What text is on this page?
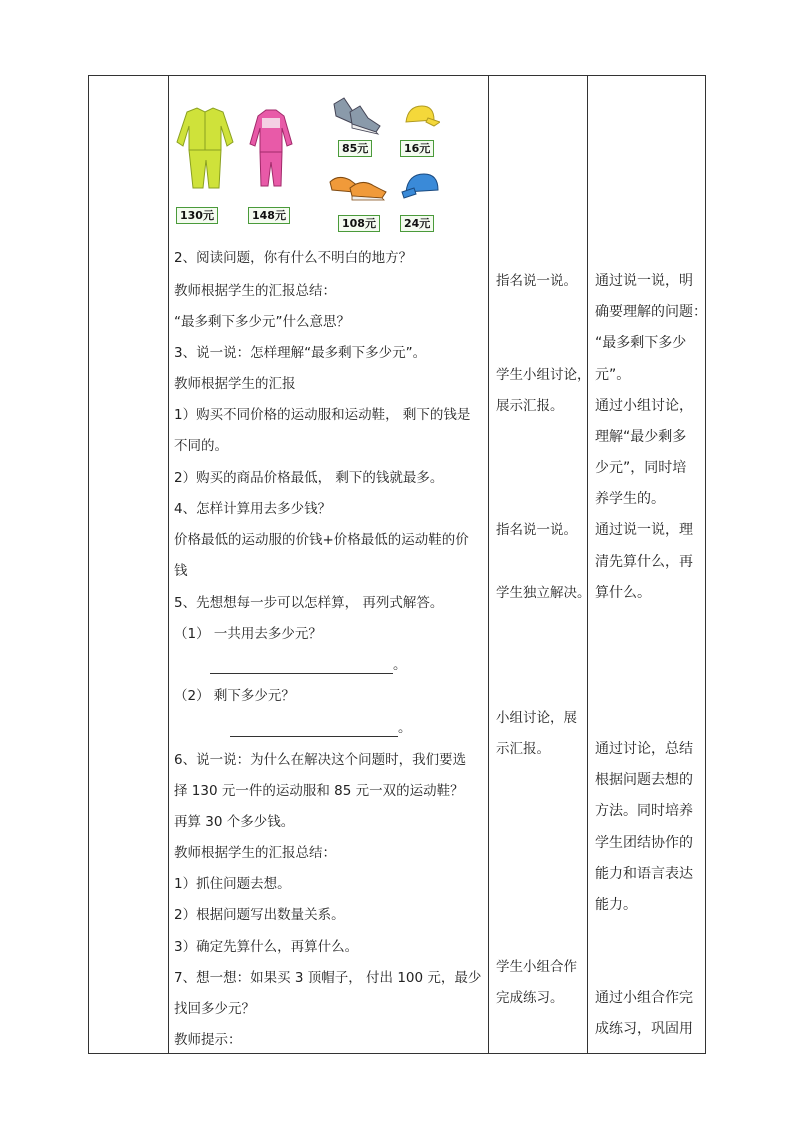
130元	148元
85元	16元
108元	24元
2、阅读问题，你有什么不明白的地方？
教师根据学生的汇报总结：
“最多剩下多少元”什么意思？
3、说一说：怎样理解“最多剩下多少元”。
教师根据学生的汇报
1）购买不同价格的运动服和运动鞋， 剩下的钱是
不同的。
2）购买的商品价格最低， 剩下的钱就最多。
4、怎样计算用去多少钱？
价格最低的运动服的价钱+价格最低的运动鞋的价
钱
5、先想想每一步可以怎样算， 再列式解答。
（1） 一共用去多少元？
。
（2） 剩下多少元？
。
6、说一说：为什么在解决这个问题时，我们要选
择 130 元一件的运动服和 85 元一双的运动鞋？
再算 30 个多少钱。
教师根据学生的汇报总结：
1）抓住问题去想。
2）根据问题写出数量关系。
3）确定先算什么，再算什么。
7、想一想：如果买 3 顶帽子， 付出 100 元，最少
找回多少元？
教师提示：
指名说一说。
学生小组讨论，
展示汇报。
指名说一说。
学生独立解决。
小组讨论，展
示汇报。
学生小组合作
完成练习。
通过说一说，明
确要理解的问题：
“最多剩下多少
元”。
通过小组讨论，
理解“最少剩多
少元”，同时培
养学生的。
通过说一说，理
清先算什么，再
算什么。
通过讨论，总结
根据问题去想的
方法。同时培养
学生团结协作的
能力和语言表达
能力。
通过小组合作完
成练习，巩固用
